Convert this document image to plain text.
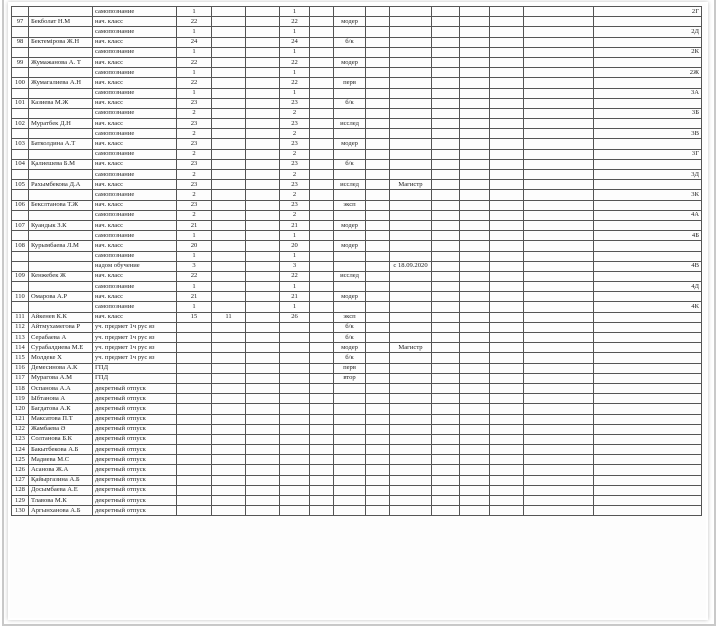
		самопознание	1			1									2Г
97	Бекболат Н.М	нач. класс	22			22		модер							
		самопознание	1			1									2Д
98	Бектемірова Ж.Н	нач. класс	24			24		б/к							
		самопознание	1			1									2К
99	Жумажанова А. Т	нач. класс	22			22		модер							
		самопознание	1			1									2Ж
100	Жумагалиева А.Н	нач. класс	22			22		перв							
		самопознание	1			1									3А
101	Казиева М.Ж	нач. класс	23			23		б/к							
		самопознание	2			2									3Б
102	Муратбек Д.Н	нач. класс	23			23		исслед							
		самопознание	2			2									3В
103	Батколдина А.Т	нач. класс	23			23		модер							
		самопознание	2			2									3Г
104	Қалиешева Б.М	нач. класс	23			23		б/к							
		самопознание	2			2									3Д
105	Рахымбекова Д.А	нач. класс	23			23		исслед		Магистр					
		самопознание	2			2									3К
106	Бекслтанова Т.Ж	нач. класс	23			23		эксп							
		самопознание	2			2									4А
107	Куандык З.К	нач. класс	21			21		модер							
		самопознание	1			1									4Б
108	Курымбаева Л.М	нач. класс	20			20		модер							
		самопознание	1			1									
		надом обучение	3			3				с 18.09.2020					4В
109	Кенжебек Ж	нач. класс	22			22		исслед							
		самопознание	1			1									4Д
110	Омарова А.Р	нач. класс	21			21		модер							
		самопознание	1			1									4К
111	Айкенев К.К	нач. класс	15	11		26		эксп							
112	Айтмухамегова Р	уч. предмет 1ч рус яз						б/к							
113	Серабаева А	уч. предмет 1ч рус яз						б/к							
114	Сурабалдиева М.Е	уч. предмет 1ч рус яз						модер		Магистр					
115	Молдеке Х	уч. предмет 1ч рус яз						б/к							
116	Демесинова А.К	ГПД						перв							
117	Мурагова А.М	ГПД						втор							
118	Оспанова А.А	декретный отпуск													
119	Ыбтанова А	декретный отпуск													
120	Багдатова А.К	декретный отпуск													
121	Максатова П.Т	декретный отпуск													
122	Жамбаева Ә	декретный отпуск													
123	Солтанова Б.К	декретный отпуск													
124	Бакытбекова А.Б	декретный отпуск													
125	Мадиева М.С	декретный отпуск													
126	Асанова Ж.А	декретный отпуск													
127	Қайыргазина А.Б	декретный отпуск													
128	Досымбаева А.Е	декретный отпуск													
129	Тлавова М.К	декретный отпуск													
130	Аргынханова А.Б	декретный отпуск													
